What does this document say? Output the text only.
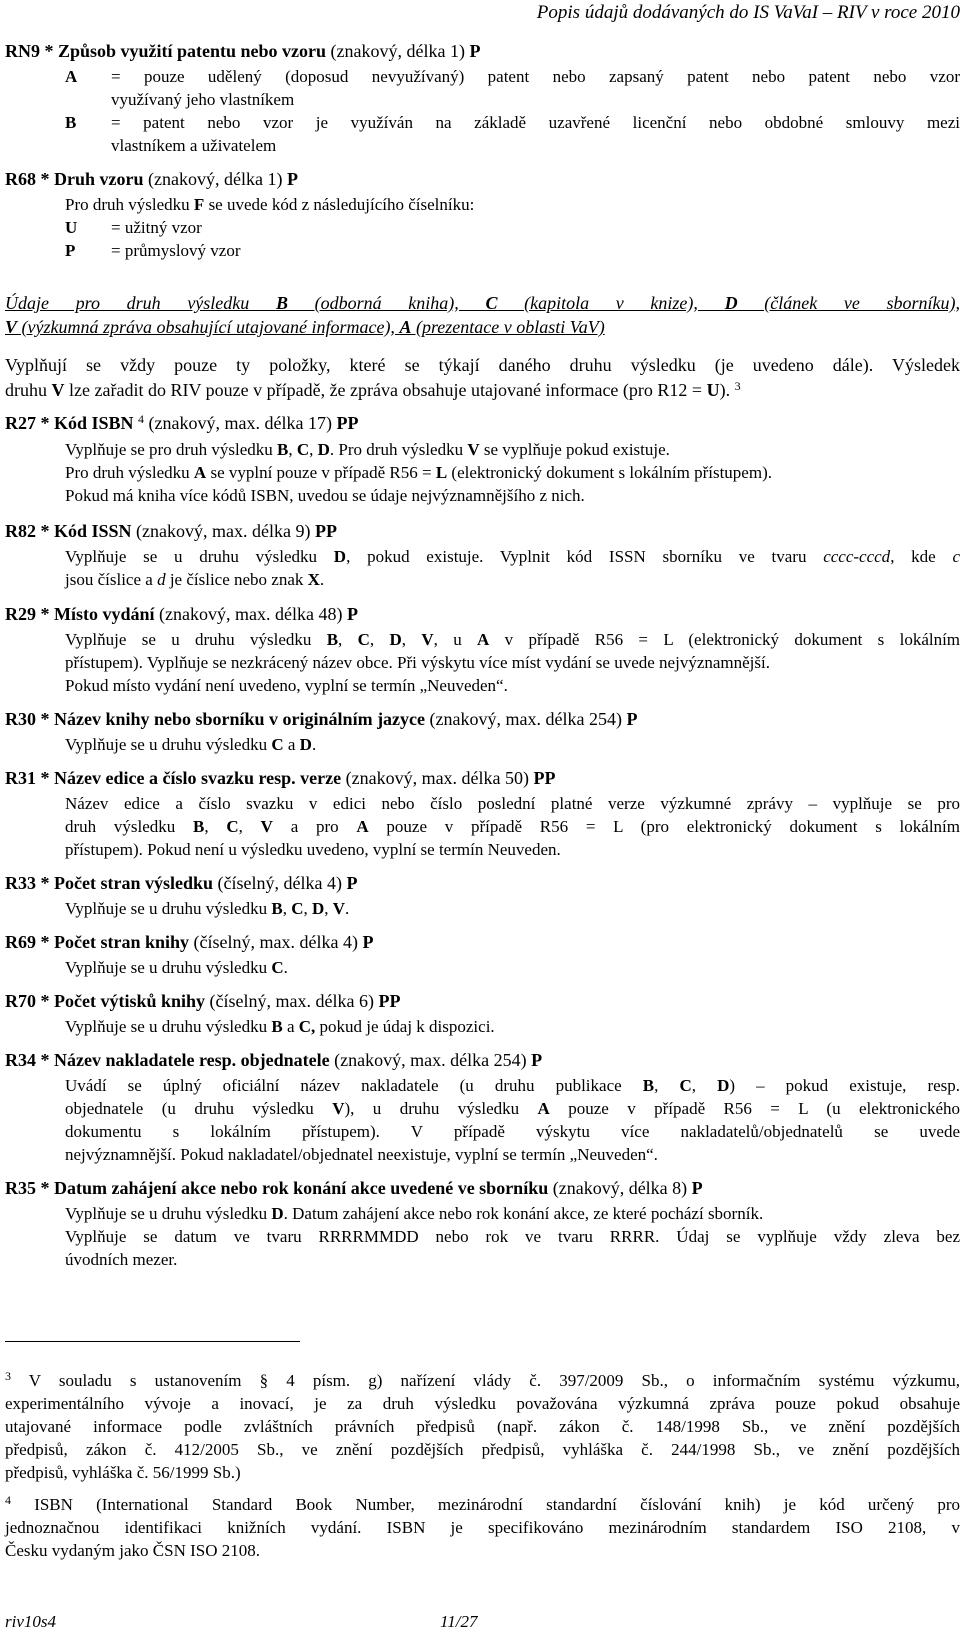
Popis údajů dodávaných do IS VaVaI – RIV v roce 2010
RN9 * Způsob využití patentu nebo vzoru (znakový, délka 1) P
A = pouze udělený (doposud nevyužívaný) patent nebo zapsaný patent nebo patent nebo vzor
využívaný jeho vlastníkem
B = patent nebo vzor je využíván na základě uzavřené licenční nebo obdobné smlouvy mezi
vlastníkem a uživatelem
R68 * Druh vzoru (znakový, délka 1) P
Pro druh výsledku F se uvede kód z následujícího číselníku:
U = užitný vzor
P = průmyslový vzor
Údaje pro druh výsledku B (odborná kniha), C (kapitola v knize), D (článek ve sborníku),
V (výzkumná zpráva obsahující utajované informace), A (prezentace v oblasti VaV)
Vyplňují se vždy pouze ty položky, které se týkají daného druhu výsledku (je uvedeno dále). Výsledek
druhu V lze zařadit do RIV pouze v případě, že zpráva obsahuje utajované informace (pro R12 = U). $^3$
R27 * Kód ISBN $^4$ (znakový, max. délka 17) PP
Vyplňuje se pro druh výsledku B, C, D. Pro druh výsledku V se vyplňuje pokud existuje.
Pro druh výsledku A se vyplní pouze v případě R56 = L (elektronický dokument s lokálním přístupem).
Pokud má kniha více kódů ISBN, uvedou se údaje nejvýznamnějšího z nich.
R82 * Kód ISSN (znakový, max. délka 9) PP
Vyplňuje se u druhu výsledku D, pokud existuje. Vyplnit kód ISSN sborníku ve tvaru cccc-cccd, kde c
jsou číslice a d je číslice nebo znak X.
R29 * Místo vydání (znakový, max. délka 48) P
Vyplňuje se u druhu výsledku B, C, D, V, u A v případě R56 = L (elektronický dokument s lokálním
přístupem). Vyplňuje se nezkrácený název obce. Při výskytu více míst vydání se uvede nejvýznamnější.
Pokud místo vydání není uvedeno, vyplní se termín „Neuveden“.
R30 * Název knihy nebo sborníku v originálním jazyce (znakový, max. délka 254) P
Vyplňuje se u druhu výsledku C a D.
R31 * Název edice a číslo svazku resp. verze (znakový, max. délka 50) PP
Název edice a číslo svazku v edici nebo číslo poslední platné verze výzkumné zprávy – vyplňuje se pro
druh výsledku B, C, V a pro A pouze v případě R56 = L (pro elektronický dokument s lokálním
přístupem). Pokud není u výsledku uvedeno, vyplní se termín Neuveden.
R33 * Počet stran výsledku (číselný, délka 4) P
Vyplňuje se u druhu výsledku B, C, D, V.
R69 * Počet stran knihy (číselný, max. délka 4) P
Vyplňuje se u druhu výsledku C.
R70 * Počet výtisků knihy (číselný, max. délka 6) PP
Vyplňuje se u druhu výsledku B a C, pokud je údaj k dispozici.
R34 * Název nakladatele resp. objednatele (znakový, max. délka 254) P
Uvádí se úplný oficiální název nakladatele (u druhu publikace B, C, D) – pokud existuje, resp.
objednatele (u druhu výsledku V), u druhu výsledku A pouze v případě R56 = L (u elektronického
dokumentu s lokálním přístupem). V případě výskytu více nakladatelů/objednatelů se uvede
nejvýznamnější. Pokud nakladatel/objednatel neexistuje, vyplní se termín „Neuveden“.
R35 * Datum zahájení akce nebo rok konání akce uvedené ve sborníku (znakový, délka 8) P
Vyplňuje se u druhu výsledku D. Datum zahájení akce nebo rok konání akce, ze které pochází sborník.
Vyplňuje se datum ve tvaru RRRRMMDD nebo rok ve tvaru RRRR. Údaj se vyplňuje vždy zleva bez
úvodních mezer.
$^3$ V souladu s ustanovením § 4 písm. g) nařízení vlády č. 397/2009 Sb., o informačním systému výzkumu,
experimentálního vývoje a inovací, je za druh výsledku považována výzkumná zpráva pouze pokud obsahuje
utajované informace podle zvláštních právních předpisů (např. zákon č. 148/1998 Sb., ve znění pozdějších
předpisů, zákon č. 412/2005 Sb., ve znění pozdějších předpisů, vyhláška č. 244/1998 Sb., ve znění pozdějších
předpisů, vyhláška č. 56/1999 Sb.)
$^4$ ISBN (International Standard Book Number, mezinárodní standardní číslování knih) je kód určený pro
jednoznačnou identifikaci knižních vydání. ISBN je specifikováno mezinárodním standardem ISO 2108, v
Česku vydaným jako ČSN ISO 2108.
riv10s4	11/27
